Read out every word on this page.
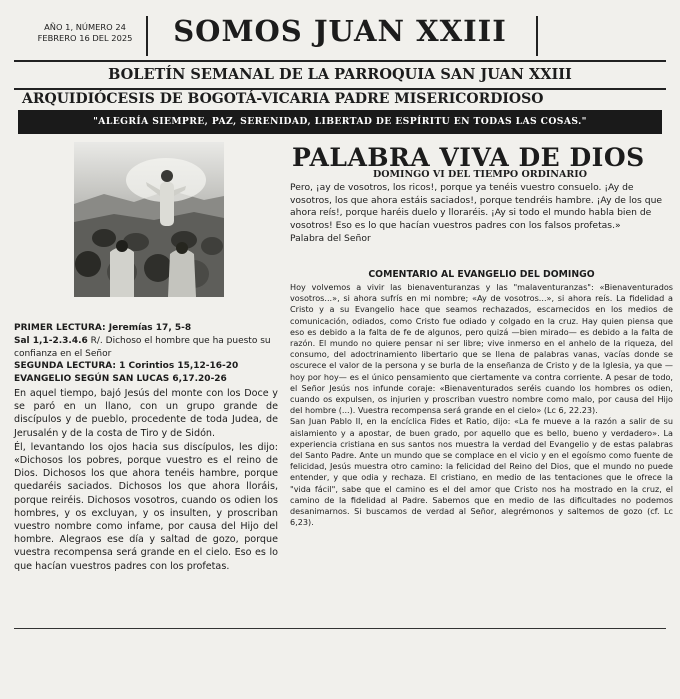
AÑO 1, NÚMERO 24
FEBRERO 16 DEL 2025	SOMOS JUAN XXIII
BOLETÍN SEMANAL DE LA PARROQUIA SAN JUAN XXIII
ARQUIDIÓCESIS DE BOGOTÁ-VICARIA PADRE MISERICORDIOSO
"ALEGRÍA SIEMPRE, PAZ, SERENIDAD, LIBERTAD DE ESPÍRITU EN TODAS LAS COSAS."
PALABRA VIVA DE DIOS
DOMINGO VI DEL TIEMPO ORDINARIO

Pero, ¡ay de vosotros, los ricos!, porque ya tenéis vuestro consuelo. ¡Ay de vosotros, los que ahora estáis saciados!, porque tendréis hambre. ¡Ay de los que ahora reís!, porque haréis duelo y lloraréis. ¡Ay si todo el mundo habla bien de vosotros! Eso es lo que hacían vuestros padres con los falsos profetas.»

Palabra del Señor

COMENTARIO AL EVANGELIO DEL DOMINGO

Hoy volvemos a vivir las bienaventuranzas y las "malaventuranzas": «Bienaventurados vosotros...», si ahora sufrís en mi nombre; «Ay de vosotros...», si ahora reís. La fidelidad a Cristo y a su Evangelio hace que seamos rechazados, escarnecidos en los medios de comunicación, odiados, como Cristo fue odiado y colgado en la cruz. Hay quien piensa que eso es debido a la falta de fe de algunos, pero quizá —bien mirado— es debido a la falta de razón. El mundo no quiere pensar ni ser libre; vive inmerso en el anhelo de la riqueza, del consumo, del adoctrinamiento libertario que se llena de palabras vanas, vacías donde se oscurece el valor de la persona y se burla de la enseñanza de Cristo y de la Iglesia, ya que —hoy por hoy— es el único pensamiento que ciertamente va contra corriente. A pesar de todo, el Señor Jesús nos infunde coraje: «Bienaventurados seréis cuando los hombres os odien, cuando os expulsen, os injurien y proscriban vuestro nombre como malo, por causa del Hijo del hombre (...). Vuestra recompensa será grande en el cielo» (Lc 6, 22.23).

San Juan Pablo II, en la encíclica Fides et Ratio, dijo: «La fe mueve a la razón a salir de su aislamiento y a apostar, de buen grado, por aquello que es bello, bueno y verdadero». La experiencia cristiana en sus santos nos muestra la verdad del Evangelio y de estas palabras del Santo Padre. Ante un mundo que se complace en el vicio y en el egoísmo como fuente de felicidad, Jesús muestra otro camino: la felicidad del Reino del Dios, que el mundo no puede entender, y que odia y rechaza. El cristiano, en medio de las tentaciones que le ofrece la "vida fácil", sabe que el camino es el del amor que Cristo nos ha mostrado en la cruz, el camino de la fidelidad al Padre. Sabemos que en medio de las dificultades no podemos desanimarnos. Si buscamos de verdad al Señor, alegrémonos y saltemos de gozo (cf. Lc 6,23).

PRIMER LECTURA: Jeremías 17, 5-8
Sal 1,1-2.3.4.6 R/. Dichoso el hombre que ha puesto su confianza en el Señor
SEGUNDA LECTURA: 1 Corintios 15,12-16-20
EVANGELIO SEGÚN SAN LUCAS 6,17.20-26

En aquel tiempo, bajó Jesús del monte con los Doce y se paró en un llano, con un grupo grande de discípulos y de pueblo, procedente de toda Judea, de Jerusalén y de la costa de Tiro y de Sidón.

Él, levantando los ojos hacia sus discípulos, les dijo: «Dichosos los pobres, porque vuestro es el reino de Dios. Dichosos los que ahora tenéis hambre, porque quedaréis saciados. Dichosos los que ahora lloráis, porque reiréis. Dichosos vosotros, cuando os odien los hombres, y os excluyan, y os insulten, y proscriban vuestro nombre como infame, por causa del Hijo del hombre. Alegraos ese día y saltad de gozo, porque vuestra recompensa será grande en el cielo. Eso es lo que hacían vuestros padres con los profetas.
